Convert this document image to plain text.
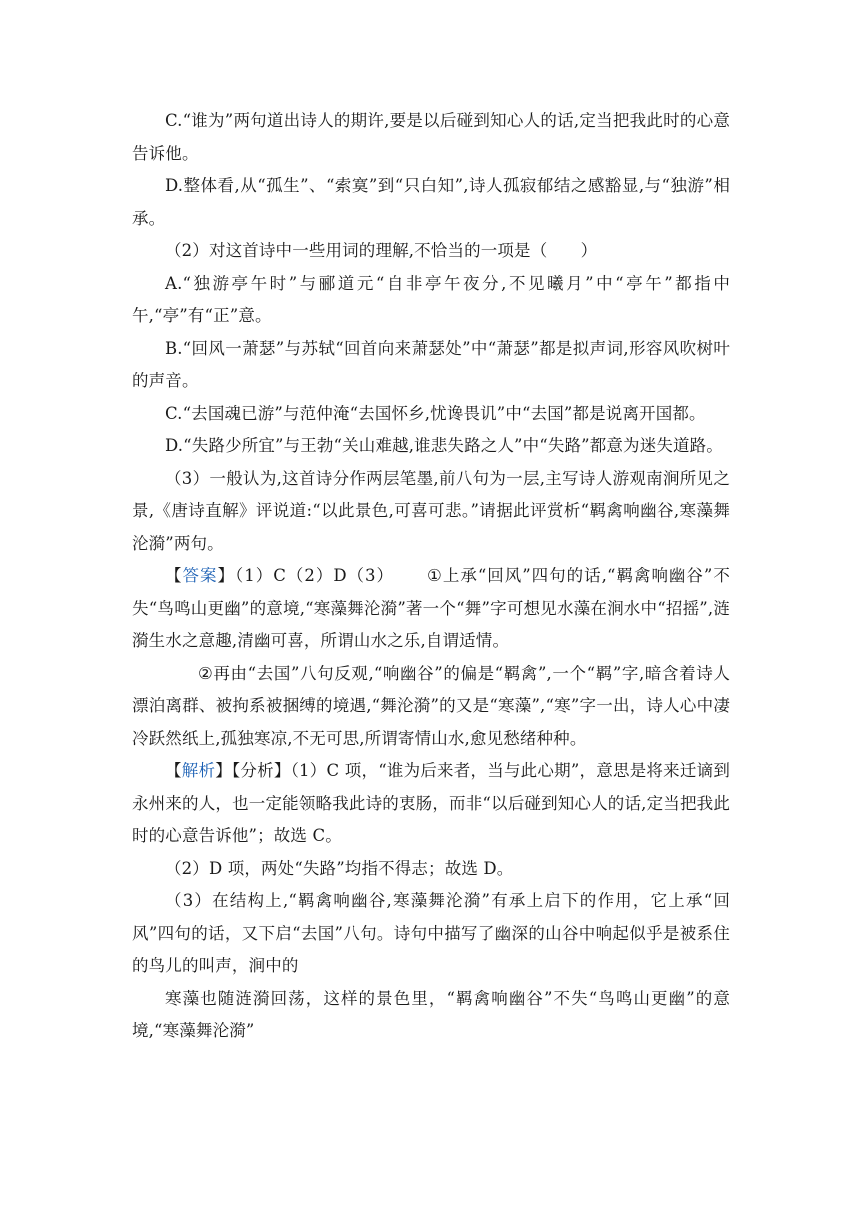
C.“谁为”两句道出诗人的期许,要是以后碰到知心人的话,定当把我此时的心意告诉他。

D.整体看,从“孤生”、“索寞”到“只白知”,诗人孤寂郁结之感豁显,与“独游”相承。

（2）对这首诗中一些用词的理解,不恰当的一项是（　　）

A.“独游亭午时”与郦道元“自非亭午夜分,不见曦月”中“亭午”都指中午,“亭”有“正”意。

B.“回风一萧瑟”与苏轼“回首向来萧瑟处”中“萧瑟”都是拟声词,形容风吹树叶的声音。

C.“去国魂已游”与范仲淹“去国怀乡,忧谗畏讥”中“去国”都是说离开国都。

D.“失路少所宜”与王勃“关山难越,谁悲失路之人”中“失路”都意为迷失道路。

（3）一般认为,这首诗分作两层笔墨,前八句为一层,主写诗人游观南涧所见之景,《唐诗直解》评说道:“以此景色,可喜可悲。”请据此评赏析“羁禽响幽谷,寒藻舞沦漪”两句。

【答案】（1）C（2）D（3） ①上承“回风”四句的话,“羁禽响幽谷”不失“鸟鸣山更幽”的意境,“寒藻舞沦漪”著一个“舞”字可想见水藻在涧水中“招摇”,涟漪生水之意趣,清幽可喜，所谓山水之乐,自谓适情。

②再由“去国”八句反观,“响幽谷”的偏是“羁禽”,一个“羁”字,暗含着诗人漂泊离群、被拘系被捆缚的境遇,“舞沦漪”的又是“寒藻”,“寒”字一出，诗人心中凄冷跃然纸上,孤独寒凉,不无可思,所谓寄情山水,愈见愁绪种种。

【解析】【分析】（1）C 项，“谁为后来者，当与此心期”，意思是将来迁谪到永州来的人，也一定能领略我此诗的衷肠，而非“以后碰到知心人的话,定当把我此时的心意告诉他”；故选 C。

（2）D 项，两处“失路”均指不得志；故选 D。

（3）在结构上,“羁禽响幽谷,寒藻舞沦漪”有承上启下的作用，它上承“回风”四句的话，又下启“去国”八句。诗句中描写了幽深的山谷中响起似乎是被系住的鸟儿的叫声，涧中的

寒藻也随涟漪回荡，这样的景色里，“羁禽响幽谷”不失“鸟鸣山更幽”的意境,“寒藻舞沦漪”
